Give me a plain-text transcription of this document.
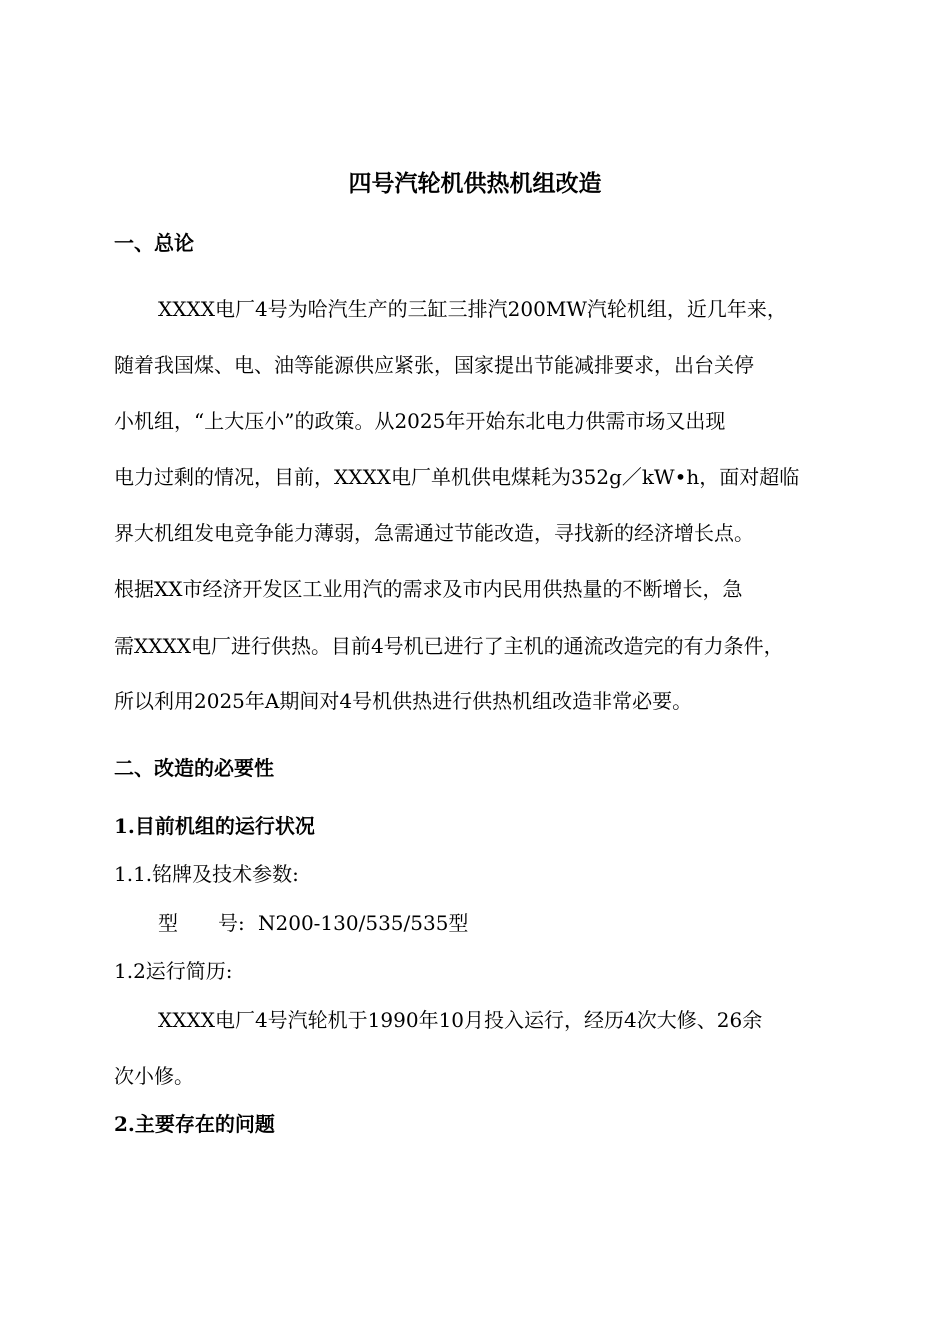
四号汽轮机供热机组改造

一、总论

XXXX电厂4号为哈汽生产的三缸三排汽200MW汽轮机组，近几年来，

随着我国煤、电、油等能源供应紧张，国家提出节能减排要求，出台关停

小机组，“上大压小”的政策。从2025年开始东北电力供需市场又出现

电力过剩的情况，目前，XXXX电厂单机供电煤耗为352g／kW•h，面对超临

界大机组发电竞争能力薄弱，急需通过节能改造，寻找新的经济增长点。

根据XX市经济开发区工业用汽的需求及市内民用供热量的不断增长，急

需XXXX电厂进行供热。目前4号机已进行了主机的通流改造完的有力条件，

所以利用2025年A期间对4号机供热进行供热机组改造非常必要。

二、改造的必要性

1.目前机组的运行状况

1.1.铭牌及技术参数:

型　　号: N200-130/535/535型

1.2运行简历:

XXXX电厂4号汽轮机于1990年10月投入运行，经历4次大修、26余

次小修。

2.主要存在的问题
